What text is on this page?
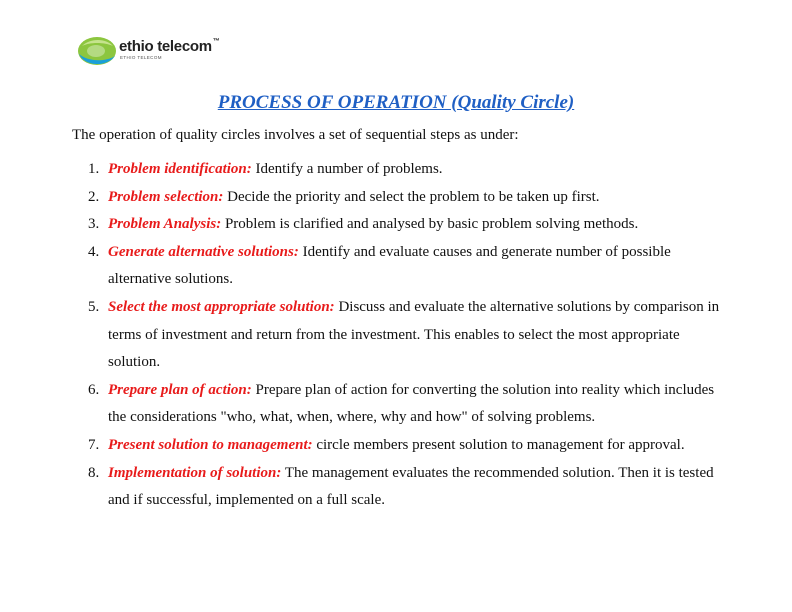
ethio telecom™
ETHIO TELECOM
PROCESS OF OPERATION (Quality Circle)

The operation of quality circles involves a set of sequential steps as under:

1. Problem identification: Identify a number of problems.
2. Problem selection: Decide the priority and select the problem to be taken up first.
3. Problem Analysis: Problem is clarified and analysed by basic problem solving methods.
4. Generate alternative solutions: Identify and evaluate causes and generate number of possible alternative solutions.
5. Select the most appropriate solution: Discuss and evaluate the alternative solutions by comparison in terms of investment and return from the investment. This enables to select the most appropriate solution.
6. Prepare plan of action: Prepare plan of action for converting the solution into reality which includes the considerations "who, what, when, where, why and how" of solving problems.
7. Present solution to management: circle members present solution to management for approval.
8. Implementation of solution: The management evaluates the recommended solution. Then it is tested and if successful, implemented on a full scale.
